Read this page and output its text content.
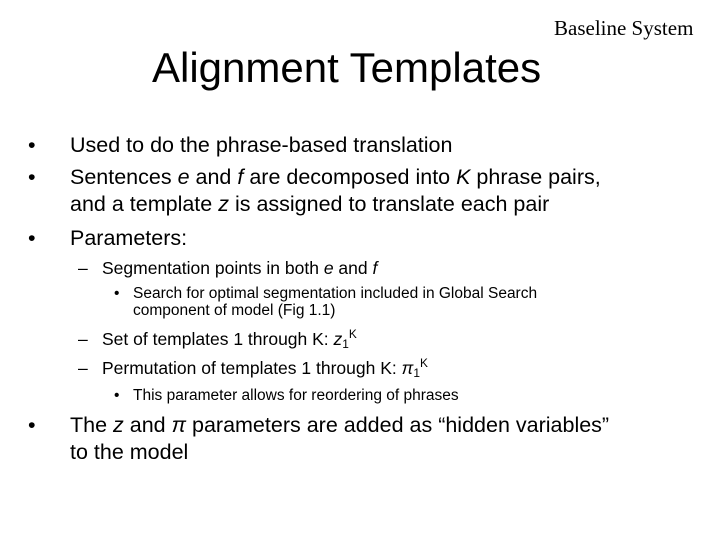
Baseline System
Alignment Templates
• Used to do the phrase-based translation
• Sentences e and f are decomposed into K phrase pairs,
and a template z is assigned to translate each pair
• Parameters:
– Segmentation points in both e and f
• Search for optimal segmentation included in Global Search
component of model (Fig 1.1)
– Set of templates 1 through K: $z_1^K$
– Permutation of templates 1 through K: $\pi_1^K$
• This parameter allows for reordering of phrases
• The z and π parameters are added as “hidden variables”
to the model
